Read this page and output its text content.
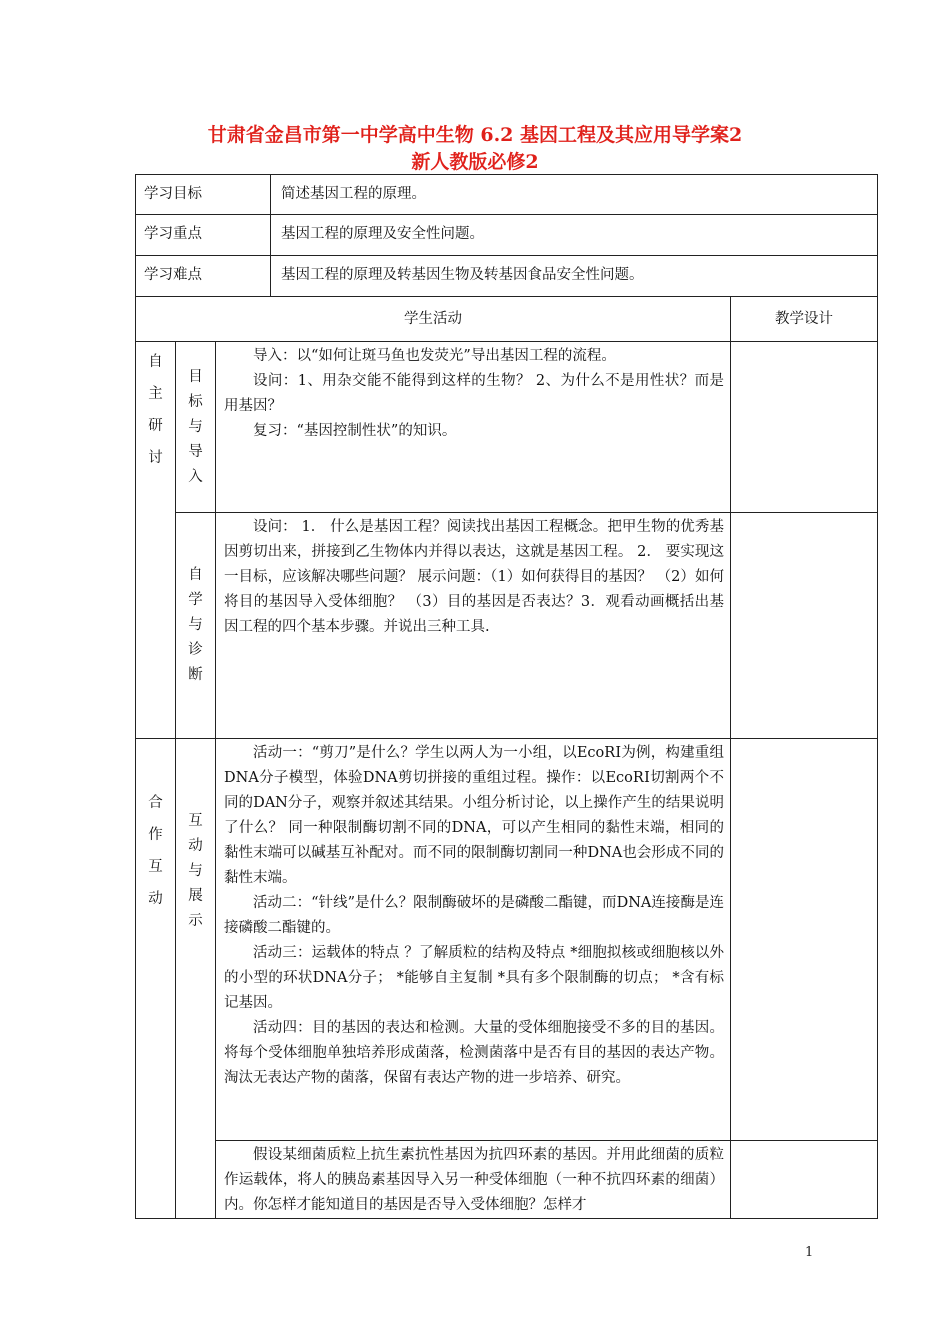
甘肃省金昌市第一中学高中生物 6.2 基因工程及其应用导学案2
新人教版必修2
学习目标			简述基因工程的原理。	
学习重点			基因工程的原理及安全性问题。	
学习难点			基因工程的原理及转基因生物及转基因食品安全性问题。	
学生活动				教学设计

自主研讨	目标与导入	导入：以“如何让斑马鱼也发荧光”导出基因工程的流程。

设问：1、用杂交能不能得到这样的生物？ 2、为什么不是用性状？而是用基因？

复习：“基因控制性状”的知识。		

	自学与诊断	设问： 1． 什么是基因工程？阅读找出基因工程概念。把甲生物的优秀基因剪切出来，拼接到乙生物体内并得以表达，这就是基因工程。 2． 要实现这一目标，应该解决哪些问题？ 展示问题：（1）如何获得目的基因？ （2）如何将目的基因导入受体细胞？ （3）目的基因是否表达？3．观看动画概括出基因工程的四个基本步骤。并说出三种工具.		

合作互动	互动与展示	活动一：“剪刀”是什么？学生以两人为一小组，以EcoRⅠ为例，构建重组DNA分子模型，体验DNA剪切拼接的重组过程。操作：以EcoRⅠ切割两个不同的DAN分子，观察并叙述其结果。小组分析讨论，以上操作产生的结果说明了什么？ 同一种限制酶切割不同的DNA，可以产生相同的黏性末端，相同的黏性末端可以碱基互补配对。而不同的限制酶切割同一种DNA也会形成不同的黏性末端。

活动二：“针线”是什么？限制酶破坏的是磷酸二酯键，而DNA连接酶是连接磷酸二酯键的。

活动三：运载体的特点 ？了解质粒的结构及特点 *细胞拟核或细胞核以外的小型的环状DNA分子； *能够自主复制 *具有多个限制酶的切点； *含有标记基因。

活动四：目的基因的表达和检测。大量的受体细胞接受不多的目的基因。将每个受体细胞单独培养形成菌落，检测菌落中是否有目的基因的表达产物。淘汰无表达产物的菌落，保留有表达产物的进一步培养、研究。		

		假设某细菌质粒上抗生素抗性基因为抗四环素的基因。并用此细菌的质粒作运载体，将人的胰岛素基因导入另一种受体细胞（一种不抗四环素的细菌）内。你怎样才能知道目的基因是否导入受体细胞？怎样才		

1
